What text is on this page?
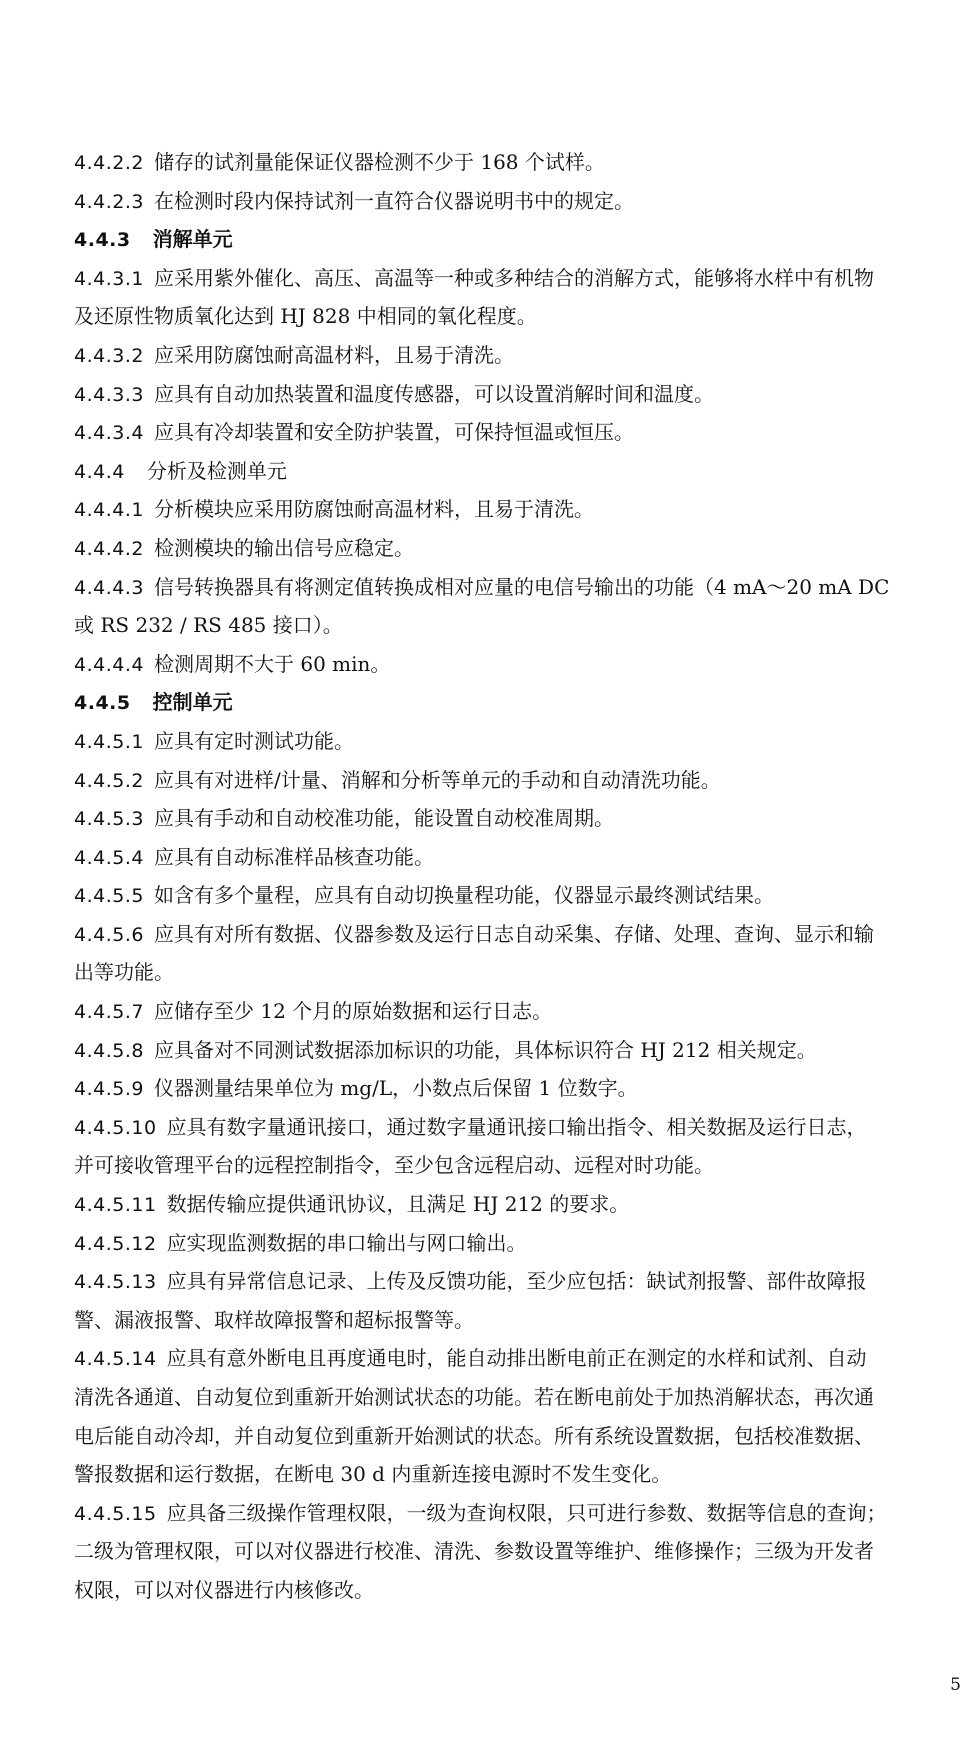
4.4.2.2 储存的试剂量能保证仪器检测不少于 168 个试样。
4.4.2.3 在检测时段内保持试剂一直符合仪器说明书中的规定。
4.4.3 消解单元
4.4.3.1 应采用紫外催化、高压、高温等一种或多种结合的消解方式，能够将水样中有机物
及还原性物质氧化达到 HJ 828 中相同的氧化程度。
4.4.3.2 应采用防腐蚀耐高温材料，且易于清洗。
4.4.3.3 应具有自动加热装置和温度传感器，可以设置消解时间和温度。
4.4.3.4 应具有冷却装置和安全防护装置，可保持恒温或恒压。
4.4.4 分析及检测单元
4.4.4.1 分析模块应采用防腐蚀耐高温材料，且易于清洗。
4.4.4.2 检测模块的输出信号应稳定。
4.4.4.3 信号转换器具有将测定值转换成相对应量的电信号输出的功能（4 mA～20 mA DC
或 RS 232 / RS 485 接口）。
4.4.4.4 检测周期不大于 60 min。
4.4.5 控制单元
4.4.5.1 应具有定时测试功能。
4.4.5.2 应具有对进样/计量、消解和分析等单元的手动和自动清洗功能。
4.4.5.3 应具有手动和自动校准功能，能设置自动校准周期。
4.4.5.4 应具有自动标准样品核查功能。
4.4.5.5 如含有多个量程，应具有自动切换量程功能，仪器显示最终测试结果。
4.4.5.6 应具有对所有数据、仪器参数及运行日志自动采集、存储、处理、查询、显示和输
出等功能。
4.4.5.7 应储存至少 12 个月的原始数据和运行日志。
4.4.5.8 应具备对不同测试数据添加标识的功能，具体标识符合 HJ 212 相关规定。
4.4.5.9 仪器测量结果单位为 mg/L，小数点后保留 1 位数字。
4.4.5.10 应具有数字量通讯接口，通过数字量通讯接口输出指令、相关数据及运行日志，
并可接收管理平台的远程控制指令，至少包含远程启动、远程对时功能。
4.4.5.11 数据传输应提供通讯协议，且满足 HJ 212 的要求。
4.4.5.12 应实现监测数据的串口输出与网口输出。
4.4.5.13 应具有异常信息记录、上传及反馈功能，至少应包括：缺试剂报警、部件故障报
警、漏液报警、取样故障报警和超标报警等。
4.4.5.14 应具有意外断电且再度通电时，能自动排出断电前正在测定的水样和试剂、自动
清洗各通道、自动复位到重新开始测试状态的功能。若在断电前处于加热消解状态，再次通
电后能自动冷却，并自动复位到重新开始测试的状态。所有系统设置数据，包括校准数据、
警报数据和运行数据，在断电 30 d 内重新连接电源时不发生变化。
4.4.5.15 应具备三级操作管理权限，一级为查询权限，只可进行参数、数据等信息的查询；
二级为管理权限，可以对仪器进行校准、清洗、参数设置等维护、维修操作；三级为开发者
权限，可以对仪器进行内核修改。
5
